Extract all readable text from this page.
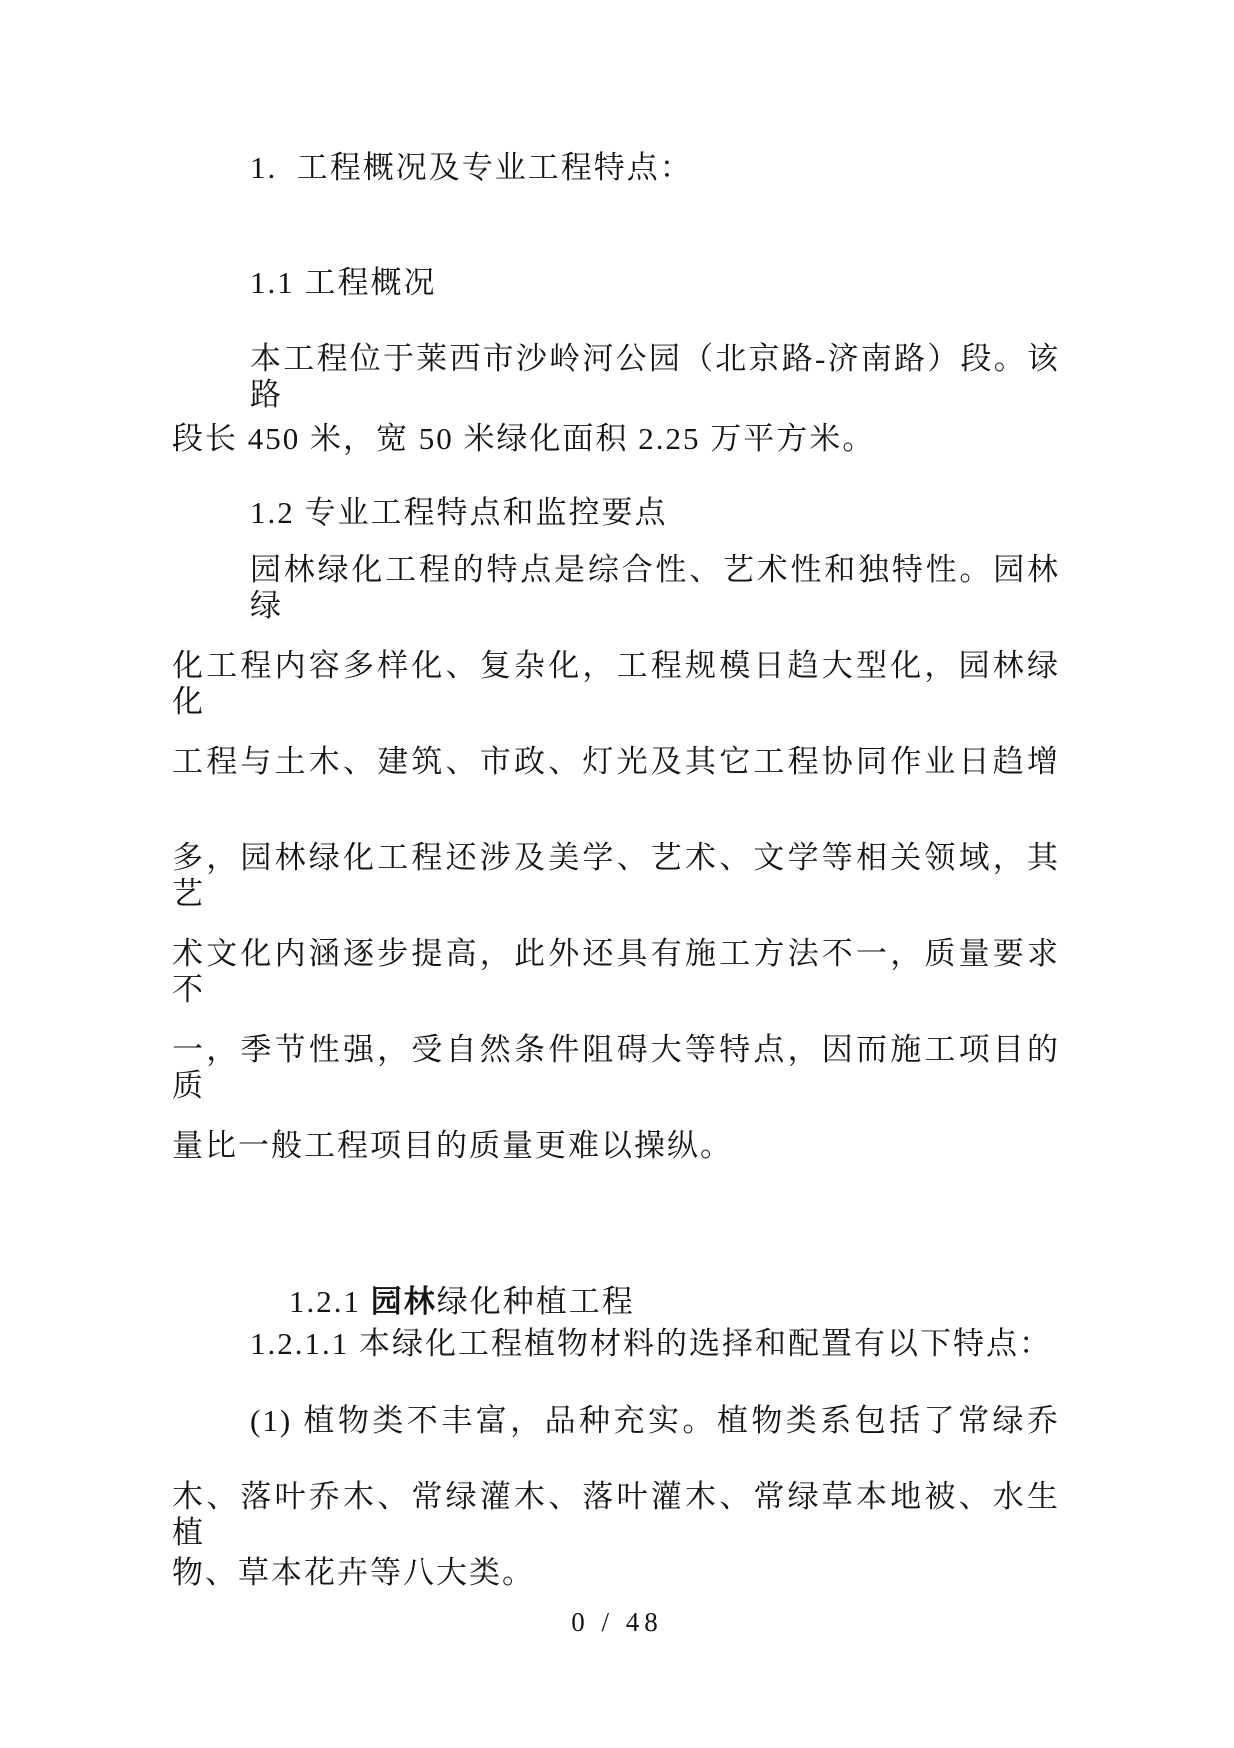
1.  工程概况及专业工程特点：
1.1 工程概况
本工程位于莱西市沙岭河公园（北京路-济南路）段。该路
段长 450 米，宽 50 米绿化面积 2.25 万平方米。
1.2 专业工程特点和监控要点
园林绿化工程的特点是综合性、艺术性和独特性。园林绿
化工程内容多样化、复杂化，工程规模日趋大型化，园林绿化
工程与土木、建筑、市政、灯光及其它工程协同作业日趋增
多，园林绿化工程还涉及美学、艺术、文学等相关领域，其艺
术文化内涵逐步提高，此外还具有施工方法不一，质量要求不
一，季节性强，受自然条件阻碍大等特点，因而施工项目的质
量比一般工程项目的质量更难以操纵。

1.2.1 园林绿化种植工程

1.2.1.1 本绿化工程植物材料的选择和配置有以下特点：
(1) 植物类不丰富，品种充实。植物类系包括了常绿乔
木、落叶乔木、常绿灌木、落叶灌木、常绿草本地被、水生植
物、草本花卉等八大类。
0 / 48
